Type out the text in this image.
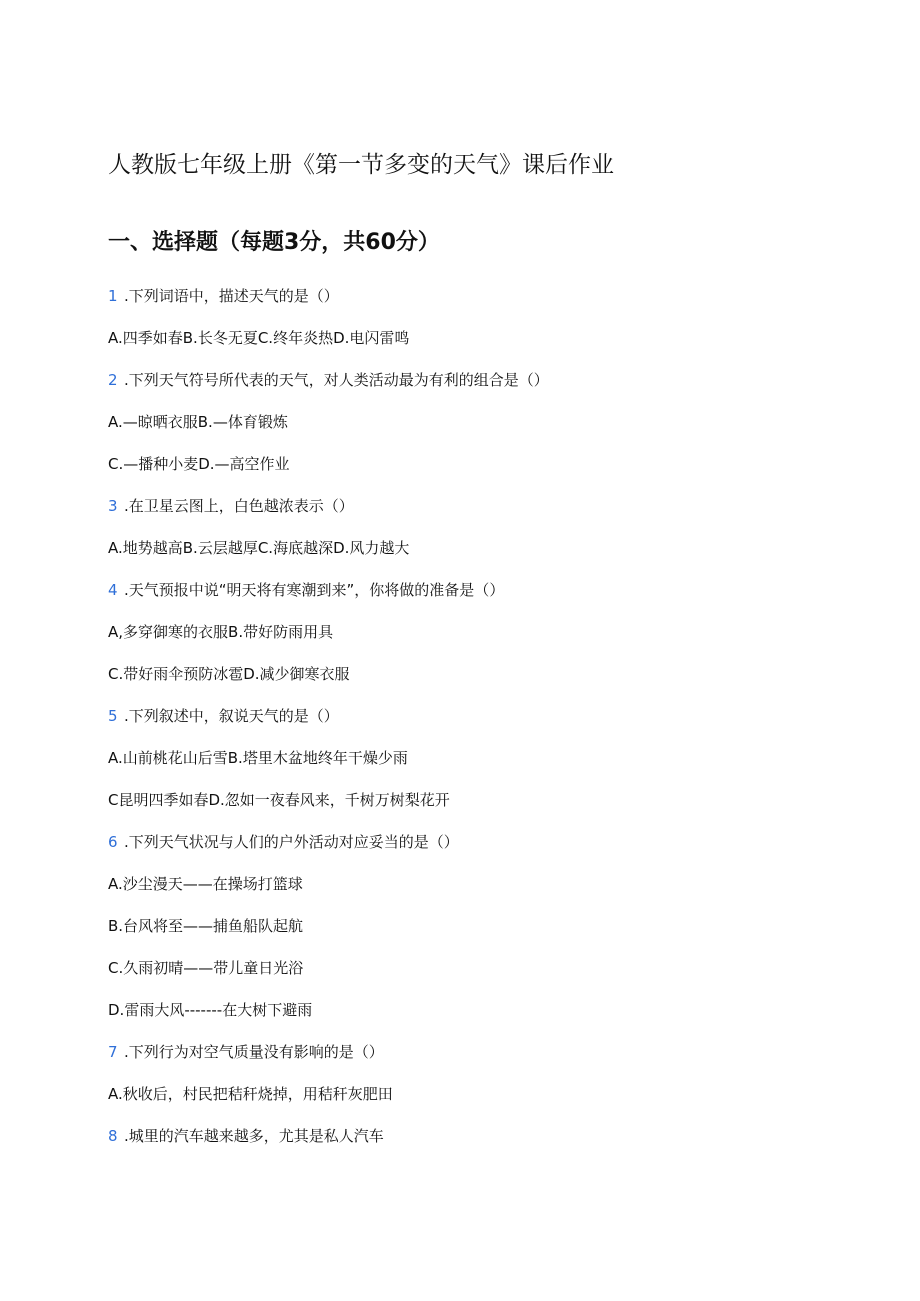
人教版七年级上册《第一节多变的天气》课后作业
一、选择题（每题3分，共60分）
1 .下列词语中，描述天气的是（）
A.四季如春B.长冬无夏C.终年炎热D.电闪雷鸣
2 .下列天气符号所代表的天气，对人类活动最为有利的组合是（）
A.—晾晒衣服B.—体育锻炼
C.—播种小麦D.—高空作业
3 .在卫星云图上，白色越浓表示（）
A.地势越高B.云层越厚C.海底越深D.风力越大
4 .天气预报中说“明天将有寒潮到来”，你将做的准备是（）
A,多穿御寒的衣服B.带好防雨用具
C.带好雨伞预防冰雹D.减少御寒衣服
5 .下列叙述中，叙说天气的是（）
A.山前桃花山后雪B.塔里木盆地终年干燥少雨
C昆明四季如春D.忽如一夜春风来，千树万树梨花开
6 .下列天气状况与人们的户外活动对应妥当的是（）
A.沙尘漫天——在操场打篮球
B.台风将至——捕鱼船队起航
C.久雨初晴——带儿童日光浴
D.雷雨大风-------在大树下避雨
7 .下列行为对空气质量没有影响的是（）
A.秋收后，村民把秸秆烧掉，用秸秆灰肥田
8 .城里的汽车越来越多，尤其是私人汽车
